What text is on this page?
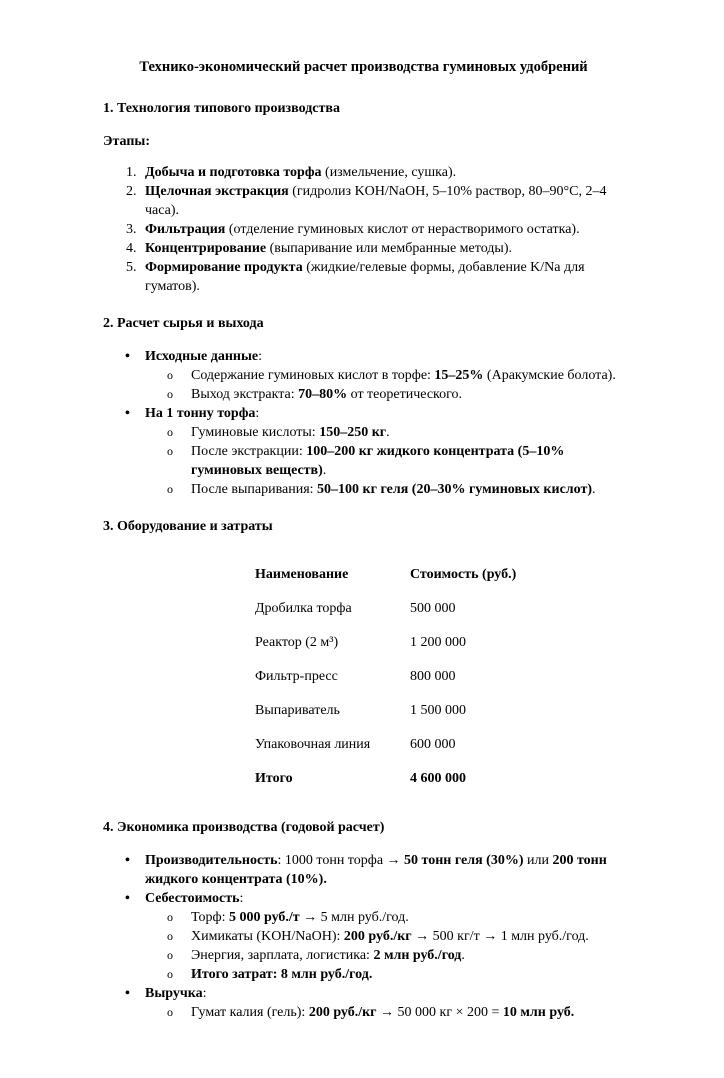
Технико-экономический расчет производства гуминовых удобрений
1. Технология типового производства

Этапы:

Добыча и подготовка торфа (измельчение, сушка).
Щелочная экстракция (гидролиз KOH/NaOH, 5–10% раствор, 80–90°C, 2–4 часа).
Фильтрация (отделение гуминовых кислот от нерастворимого остатка).
Концентрирование (выпаривание или мембранные методы).
Формирование продукта (жидкие/гелевые формы, добавление K/Na для гуматов).
2. Расчет сырья и выхода
• Исходные данные:
o Содержание гуминовых кислот в торфе: 15–25% (Аракумские болота).
o Выход экстракта: 70–80% от теоретического.
• На 1 тонну торфа:
o Гуминовые кислоты: 150–250 кг.
o После экстракции: 100–200 кг жидкого концентрата (5–10% гуминовых веществ).
o После выпаривания: 50–100 кг геля (20–30% гуминовых кислот).
3. Оборудование и затраты
Наименование	Стоимость (руб.)
Дробилка торфа	500 000
Реактор (2 м³)	1 200 000
Фильтр-пресс	800 000
Выпариватель	1 500 000
Упаковочная линия	600 000
Итого	4 600 000
4. Экономика производства (годовой расчет)
• Производительность: 1000 тонн торфа → 50 тонн геля (30%) или 200 тонн жидкого концентрата (10%).
• Себестоимость:
o Торф: 5 000 руб./т → 5 млн руб./год.
o Химикаты (KOH/NaOH): 200 руб./кг → 500 кг/т → 1 млн руб./год.
o Энергия, зарплата, логистика: 2 млн руб./год.
o Итого затрат: 8 млн руб./год.
• Выручка:
o Гумат калия (гель): 200 руб./кг → 50 000 кг × 200 = 10 млн руб.
